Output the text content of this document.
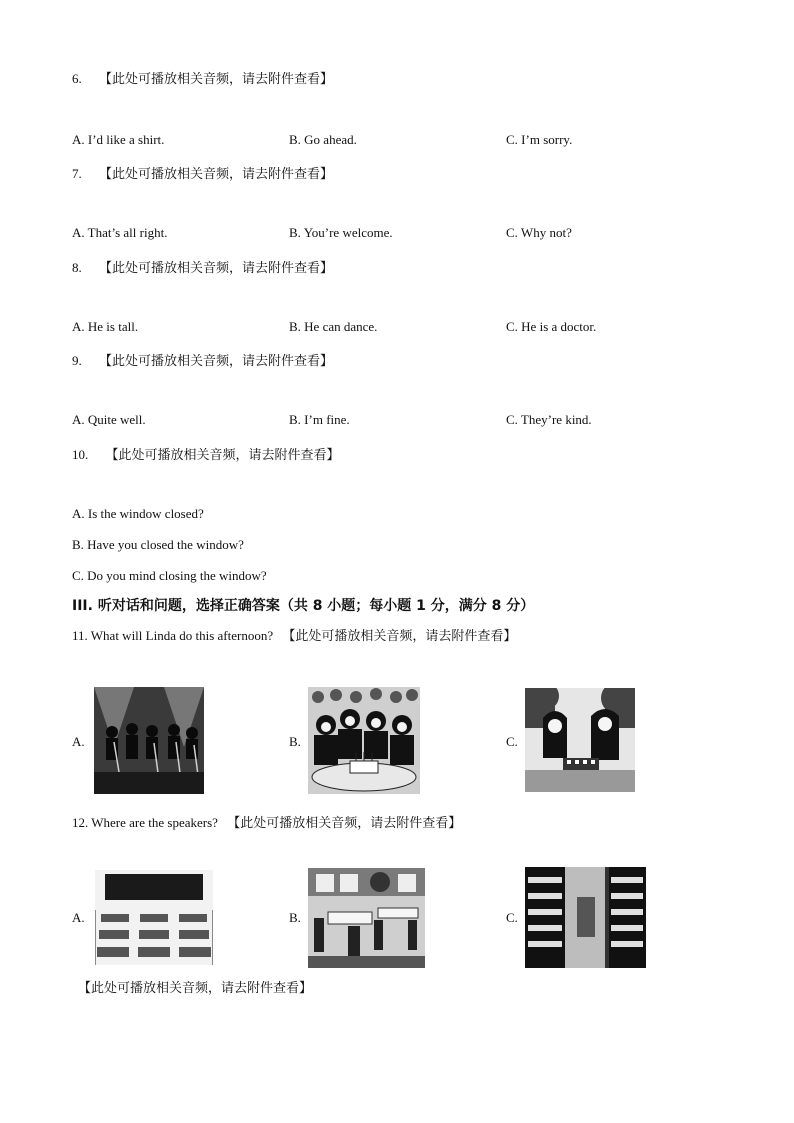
6. 【此处可播放相关音频，请去附件查看】
A. I’d like a shirt.	B. Go ahead.	C. I’m sorry.
7. 【此处可播放相关音频，请去附件查看】
A. That’s all right.	B. You’re welcome.	C. Why not?
8. 【此处可播放相关音频，请去附件查看】
A. He is tall.	B. He can dance.	C. He is a doctor.
9. 【此处可播放相关音频，请去附件查看】
A. Quite well.	B. I’m fine.	C. They’re kind.
10. 【此处可播放相关音频，请去附件查看】
A. Is the window closed?
B. Have you closed the window?
C. Do you mind closing the window?
III. 听对话和问题，选择正确答案（共 8 小题；每小题 1 分，满分 8 分）
11. What will Linda do this afternoon? 【此处可播放相关音频，请去附件查看】
A.	B.	C.
12. Where are the speakers? 【此处可播放相关音频，请去附件查看】
A.	B.	C.
【此处可播放相关音频，请去附件查看】
